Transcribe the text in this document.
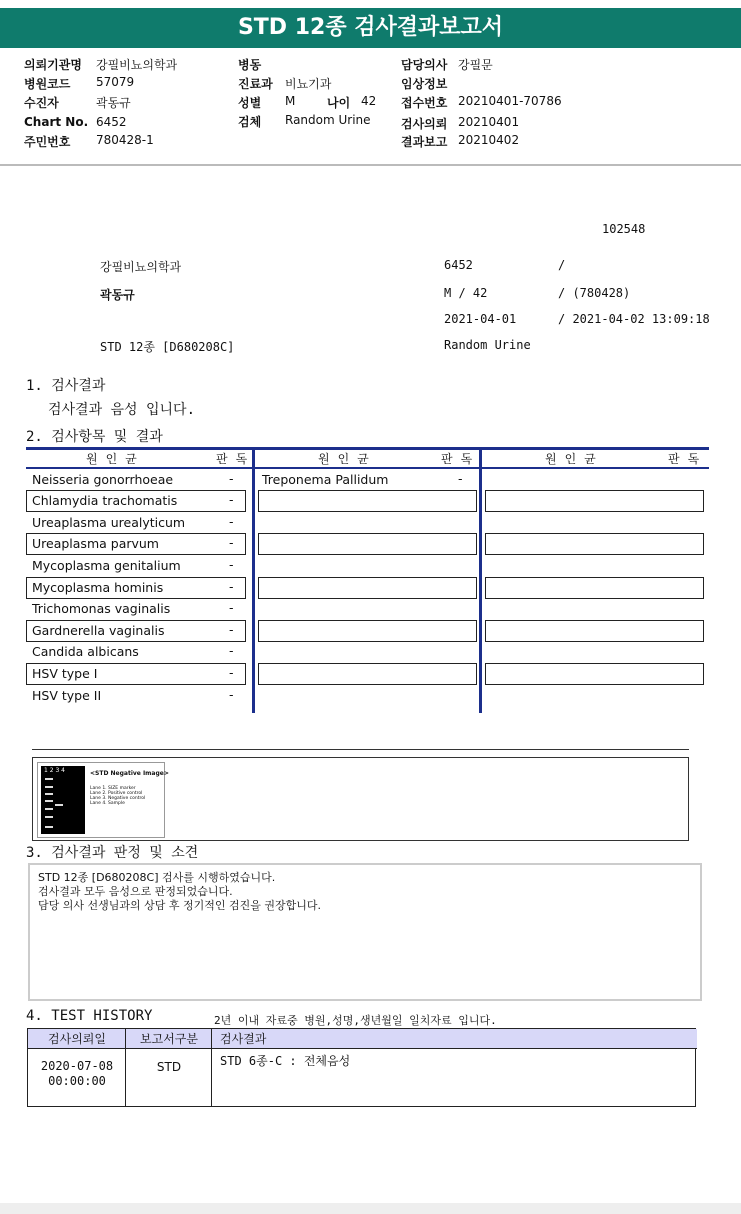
STD 12종 검사결과보고서
의뢰기관명 강필비뇨의학과
병원코드 57079
수진자	곽동규
Chart No. 6452
주민번호 780428-1
병동
진료과 비뇨기과
성별 M	나이 42
검체 Random Urine
담당의사 강필문
임상정보
접수번호 20210401-70786
검사의뢰 20210401
결과보고 20210402
102548
강필비뇨의학과	6452	/
곽동규	M / 42	/ (780428)
2021-04-01	/ 2021-04-02 13:09:18
STD 12종 [D680208C]	Random Urine
1. 검사결과
검사결과 음성 입니다.
2. 검사항목 및 결과
원인균	판독	원인균	판독	원인균	판독
Neisseria gonorrhoeae	- Treponema Pallidum	-
Chlamydia trachomatis	-
Ureaplasma urealyticum	-
Ureaplasma parvum	-
Mycoplasma genitalium	-
Mycoplasma hominis	-
Trichomonas vaginalis	-
Gardnerella vaginalis	-
Candida albicans	-
HSV type I	-
HSV type II	-
1 2 3 4	<STD Negative Image>
Lane 1. SIZE marker
Lane 2. Positive control
Lane 3. Negative control
Lane 4. Sample
3. 검사결과 판정 및 소견
STD 12종 [D680208C] 검사를 시행하였습니다.
검사결과 모두 음성으로 판정되었습니다.
담당 의사 선생님과의 상담 후 정기적인 검진을 권장합니다.
4. TEST HISTORY	2년 이내 자료중 병원,성명,생년월일 일치자료 입니다.
검사의뢰일	보고서구분	검사결과
2020-07-08
00:00:00
STD	STD 6종-C : 전체음성
